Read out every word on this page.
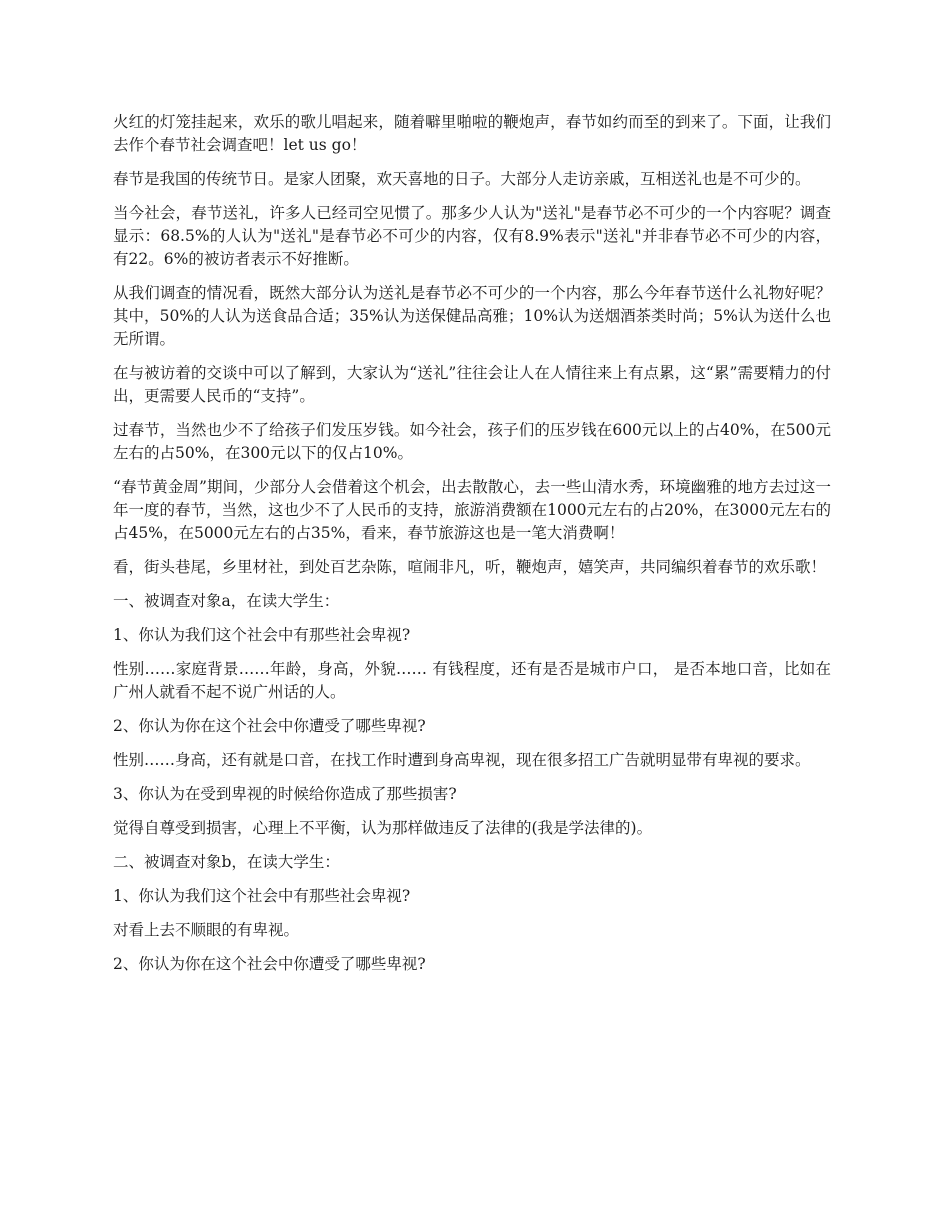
火红的灯笼挂起来，欢乐的歌儿唱起来，随着噼里啪啦的鞭炮声，春节如约而至的到来了。下面，让我们去作个春节社会调查吧！let us go！

春节是我国的传统节日。是家人团聚，欢天喜地的日子。大部分人走访亲戚，互相送礼也是不可少的。

当今社会，春节送礼，许多人已经司空见惯了。那多少人认为"送礼"是春节必不可少的一个内容呢？调查显示：68.5%的人认为"送礼"是春节必不可少的内容，仅有8.9%表示"送礼"并非春节必不可少的内容，有22。6%的被访者表示不好推断。

从我们调查的情况看，既然大部分认为送礼是春节必不可少的一个内容，那么今年春节送什么礼物好呢？其中，50%的人认为送食品合适；35%认为送保健品高雅；10%认为送烟酒茶类时尚；5%认为送什么也无所谓。

在与被访着的交谈中可以了解到，大家认为“送礼”往往会让人在人情往来上有点累，这“累”需要精力的付出，更需要人民币的“支持”。

过春节，当然也少不了给孩子们发压岁钱。如今社会，孩子们的压岁钱在600元以上的占40%，在500元左右的占50%，在300元以下的仅占10%。

“春节黄金周”期间，少部分人会借着这个机会，出去散散心，去一些山清水秀，环境幽雅的地方去过这一年一度的春节，当然，这也少不了人民币的支持，旅游消费额在1000元左右的占20%，在3000元左右的占45%，在5000元左右的占35%，看来，春节旅游这也是一笔大消费啊！

看，街头巷尾，乡里材社，到处百艺杂陈，喧闹非凡，听，鞭炮声，嬉笑声，共同编织着春节的欢乐歌！

一、被调查对象a，在读大学生：

1、你认为我们这个社会中有那些社会卑视?

性别……家庭背景……年龄，身高，外貌…… 有钱程度，还有是否是城市户口， 是否本地口音，比如在广州人就看不起不说广州话的人。

2、你认为你在这个社会中你遭受了哪些卑视?

性别……身高，还有就是口音，在找工作时遭到身高卑视，现在很多招工广告就明显带有卑视的要求。

3、你认为在受到卑视的时候给你造成了那些损害?

觉得自尊受到损害，心理上不平衡，认为那样做违反了法律的(我是学法律的)。

二、被调查对象b，在读大学生：

1、你认为我们这个社会中有那些社会卑视?

对看上去不顺眼的有卑视。

2、你认为你在这个社会中你遭受了哪些卑视?
